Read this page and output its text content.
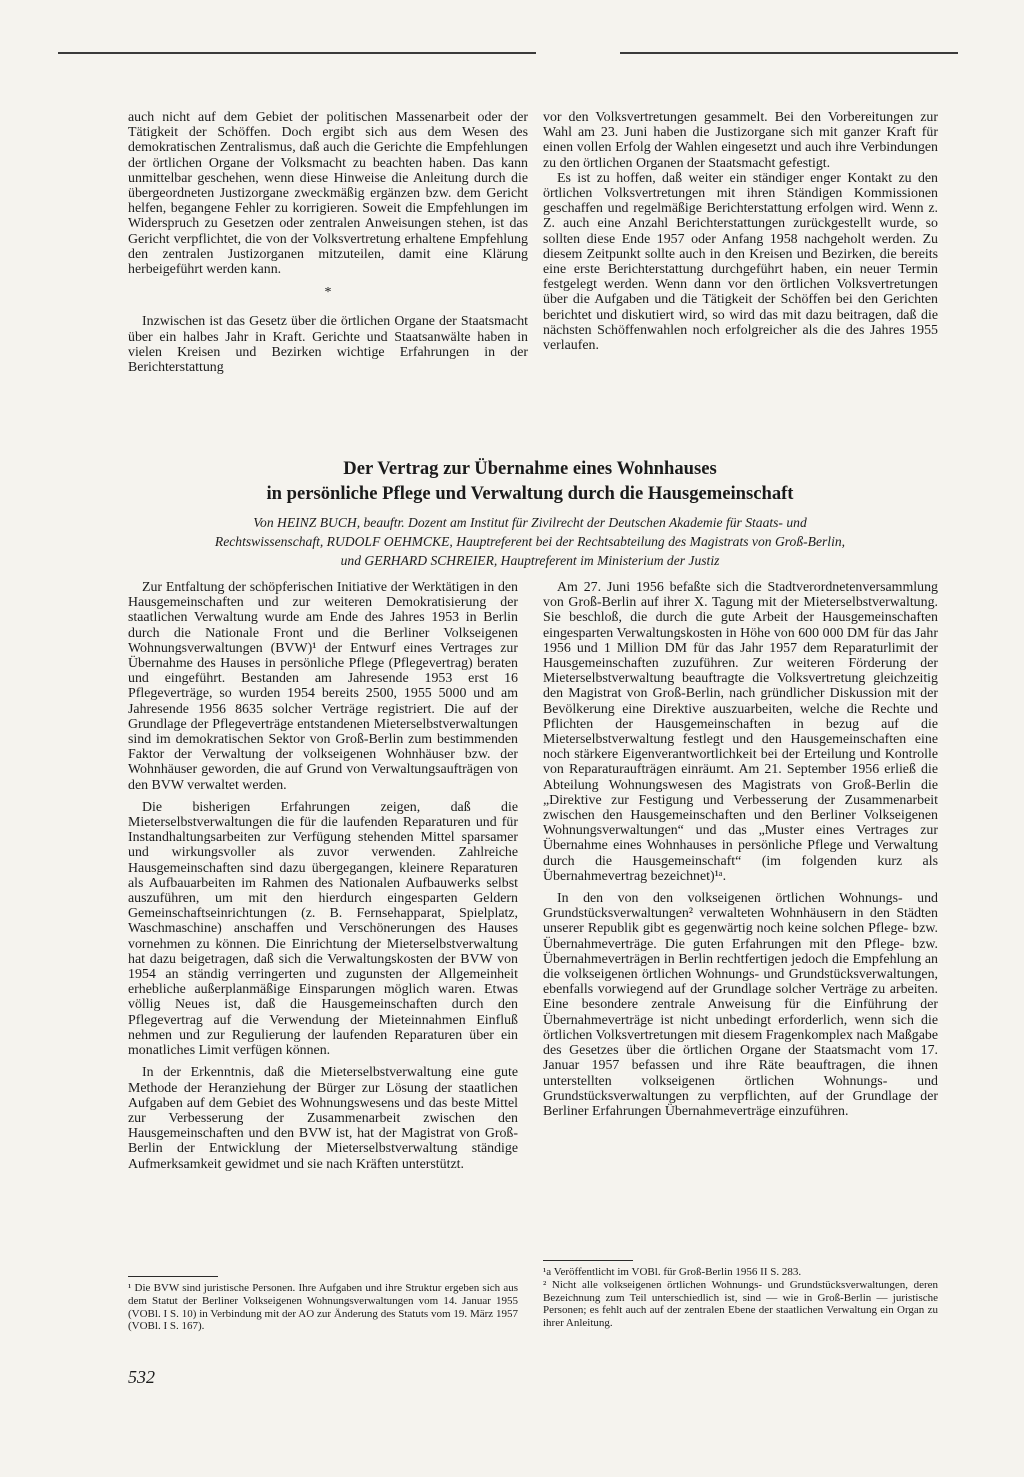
auch nicht auf dem Gebiet der politischen Massenarbeit oder der Tätigkeit der Schöffen. Doch ergibt sich aus dem Wesen des demokratischen Zentralismus, daß auch die Gerichte die Empfehlungen der örtlichen Organe der Volksmacht zu beachten haben. Das kann unmittelbar geschehen, wenn diese Hinweise die Anleitung durch die übergeordneten Justizorgane zweckmäßig ergänzen bzw. dem Gericht helfen, begangene Fehler zu korrigieren. Soweit die Empfehlungen im Widerspruch zu Gesetzen oder zentralen Anweisungen stehen, ist das Gericht verpflichtet, die von der Volksvertretung erhaltene Empfehlung den zentralen Justizorganen mitzuteilen, damit eine Klärung herbeigeführt werden kann.

*

Inzwischen ist das Gesetz über die örtlichen Organe der Staatsmacht über ein halbes Jahr in Kraft. Gerichte und Staatsanwälte haben in vielen Kreisen und Bezirken wichtige Erfahrungen in der Berichterstattung

vor den Volksvertretungen gesammelt. Bei den Vorbereitungen zur Wahl am 23. Juni haben die Justizorgane sich mit ganzer Kraft für einen vollen Erfolg der Wahlen eingesetzt und auch ihre Verbindungen zu den örtlichen Organen der Staatsmacht gefestigt.

Es ist zu hoffen, daß weiter ein ständiger enger Kontakt zu den örtlichen Volksvertretungen mit ihren Ständigen Kommissionen geschaffen und regelmäßige Berichterstattung erfolgen wird. Wenn z. Z. auch eine Anzahl Berichterstattungen zurückgestellt wurde, so sollten diese Ende 1957 oder Anfang 1958 nachgeholt werden. Zu diesem Zeitpunkt sollte auch in den Kreisen und Bezirken, die bereits eine erste Berichterstattung durchgeführt haben, ein neuer Termin festgelegt werden. Wenn dann vor den örtlichen Volksvertretungen über die Aufgaben und die Tätigkeit der Schöffen bei den Gerichten berichtet und diskutiert wird, so wird das mit dazu beitragen, daß die nächsten Schöffenwahlen noch erfolgreicher als die des Jahres 1955 verlaufen.

Der Vertrag zur Übernahme eines Wohnhauses
in persönliche Pflege und Verwaltung durch die Hausgemeinschaft
Von HEINZ BUCH, beauftr. Dozent am Institut für Zivilrecht der Deutschen Akademie für Staats- und
Rechtswissenschaft, RUDOLF OEHMCKE, Hauptreferent bei der Rechtsabteilung des Magistrats von Groß-Berlin,
und GERHARD SCHREIER, Hauptreferent im Ministerium der Justiz

Zur Entfaltung der schöpferischen Initiative der Werktätigen in den Hausgemeinschaften und zur weiteren Demokratisierung der staatlichen Verwaltung wurde am Ende des Jahres 1953 in Berlin durch die Nationale Front und die Berliner Volkseigenen Wohnungsverwaltungen (BVW)¹ der Entwurf eines Vertrages zur Übernahme des Hauses in persönliche Pflege (Pflegevertrag) beraten und eingeführt. Bestanden am Jahresende 1953 erst 16 Pflegeverträge, so wurden 1954 bereits 2500, 1955 5000 und am Jahresende 1956 8635 solcher Verträge registriert. Die auf der Grundlage der Pflegeverträge entstandenen Mieterselbstverwaltungen sind im demokratischen Sektor von Groß-Berlin zum bestimmenden Faktor der Verwaltung der volkseigenen Wohnhäuser bzw. der Wohnhäuser geworden, die auf Grund von Verwaltungsaufträgen von den BVW verwaltet werden.

Die bisherigen Erfahrungen zeigen, daß die Mieterselbstverwaltungen die für die laufenden Reparaturen und für Instandhaltungsarbeiten zur Verfügung stehenden Mittel sparsamer und wirkungsvoller als zuvor verwenden. Zahlreiche Hausgemeinschaften sind dazu übergegangen, kleinere Reparaturen als Aufbauarbeiten im Rahmen des Nationalen Aufbauwerks selbst auszuführen, um mit den hierdurch eingesparten Geldern Gemeinschaftseinrichtungen (z. B. Fernsehapparat, Spielplatz, Waschmaschine) anschaffen und Verschönerungen des Hauses vornehmen zu können. Die Einrichtung der Mieterselbstverwaltung hat dazu beigetragen, daß sich die Verwaltungskosten der BVW von 1954 an ständig verringerten und zugunsten der Allgemeinheit erhebliche außerplanmäßige Einsparungen möglich waren. Etwas völlig Neues ist, daß die Hausgemeinschaften durch den Pflegevertrag auf die Verwendung der Mieteinnahmen Einfluß nehmen und zur Regulierung der laufenden Reparaturen über ein monatliches Limit verfügen können.

In der Erkenntnis, daß die Mieterselbstverwaltung eine gute Methode der Heranziehung der Bürger zur Lösung der staatlichen Aufgaben auf dem Gebiet des Wohnungswesens und das beste Mittel zur Verbesserung der Zusammenarbeit zwischen den Hausgemeinschaften und den BVW ist, hat der Magistrat von Groß-Berlin der Entwicklung der Mieterselbstverwaltung ständige Aufmerksamkeit gewidmet und sie nach Kräften unterstützt.

Am 27. Juni 1956 befaßte sich die Stadtverordnetenversammlung von Groß-Berlin auf ihrer X. Tagung mit der Mieterselbstverwaltung. Sie beschloß, die durch die gute Arbeit der Hausgemeinschaften eingesparten Verwaltungskosten in Höhe von 600 000 DM für das Jahr 1956 und 1 Million DM für das Jahr 1957 dem Reparaturlimit der Hausgemeinschaften zuzuführen. Zur weiteren Förderung der Mieterselbstverwaltung beauftragte die Volksvertretung gleichzeitig den Magistrat von Groß-Berlin, nach gründlicher Diskussion mit der Bevölkerung eine Direktive auszuarbeiten, welche die Rechte und Pflichten der Hausgemeinschaften in bezug auf die Mieterselbstverwaltung festlegt und den Hausgemeinschaften eine noch stärkere Eigenverantwortlichkeit bei der Erteilung und Kontrolle von Reparaturaufträgen einräumt. Am 21. September 1956 erließ die Abteilung Wohnungswesen des Magistrats von Groß-Berlin die „Direktive zur Festigung und Verbesserung der Zusammenarbeit zwischen den Hausgemeinschaften und den Berliner Volkseigenen Wohnungsverwaltungen“ und das „Muster eines Vertrages zur Übernahme eines Wohnhauses in persönliche Pflege und Verwaltung durch die Hausgemeinschaft“ (im folgenden kurz als Übernahmevertrag bezeichnet)¹ᵃ.

In den von den volkseigenen örtlichen Wohnungs- und Grundstücksverwaltungen² verwalteten Wohnhäusern in den Städten unserer Republik gibt es gegenwärtig noch keine solchen Pflege- bzw. Übernahmeverträge. Die guten Erfahrungen mit den Pflege- bzw. Übernahmeverträgen in Berlin rechtfertigen jedoch die Empfehlung an die volkseigenen örtlichen Wohnungs- und Grundstücksverwaltungen, ebenfalls vorwiegend auf der Grundlage solcher Verträge zu arbeiten. Eine besondere zentrale Anweisung für die Einführung der Übernahmeverträge ist nicht unbedingt erforderlich, wenn sich die örtlichen Volksvertretungen mit diesem Fragenkomplex nach Maßgabe des Gesetzes über die örtlichen Organe der Staatsmacht vom 17. Januar 1957 befassen und ihre Räte beauftragen, die ihnen unterstellten volkseigenen örtlichen Wohnungs- und Grundstücksverwaltungen zu verpflichten, auf der Grundlage der Berliner Erfahrungen Übernahmeverträge einzuführen.

¹ Die BVW sind juristische Personen. Ihre Aufgaben und ihre Struktur ergeben sich aus dem Statut der Berliner Volkseigenen Wohnungsverwaltungen vom 14. Januar 1955 (VOBl. I S. 10) in Verbindung mit der AO zur Änderung des Statuts vom 19. März 1957 (VOBl. I S. 167).

¹a Veröffentlicht im VOBl. für Groß-Berlin 1956 II S. 283.

² Nicht alle volkseigenen örtlichen Wohnungs- und Grundstücksverwaltungen, deren Bezeichnung zum Teil unterschiedlich ist, sind — wie in Groß-Berlin — juristische Personen; es fehlt auch auf der zentralen Ebene der staatlichen Verwaltung ein Organ zu ihrer Anleitung.

532
